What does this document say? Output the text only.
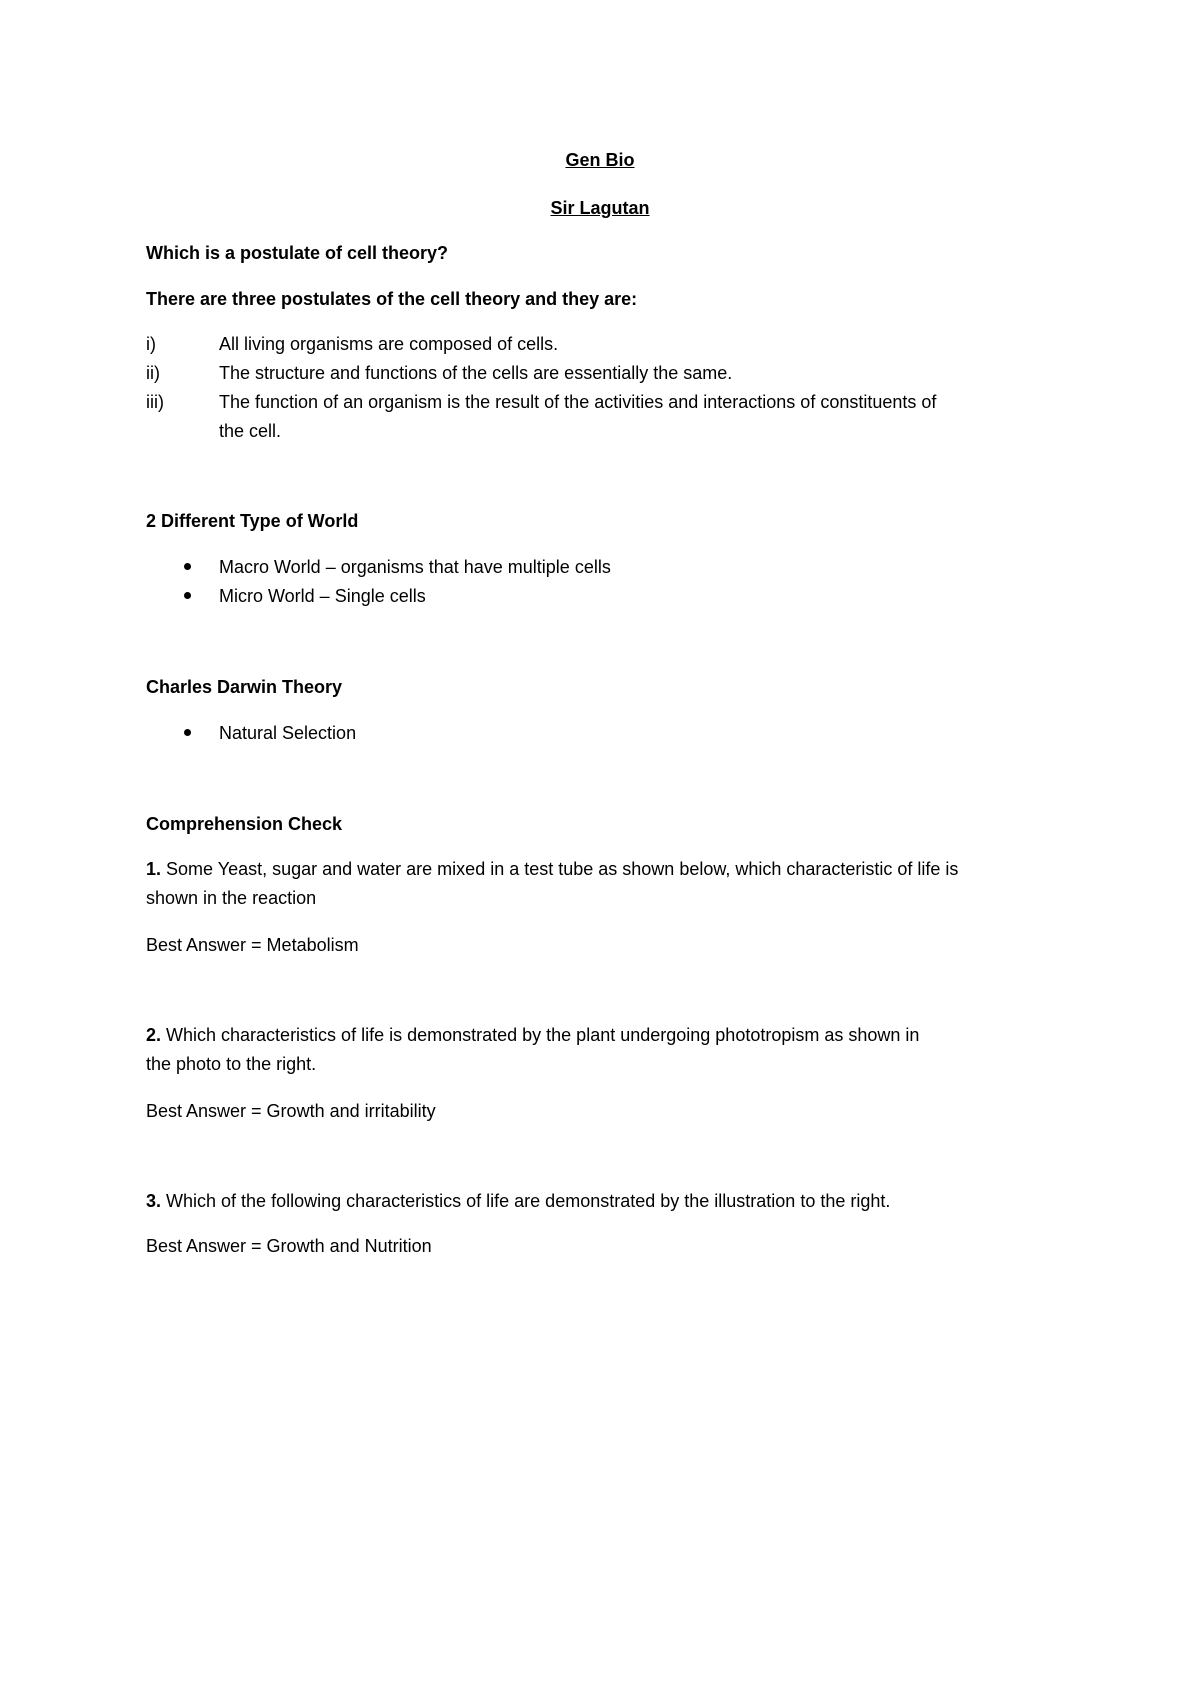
Gen Bio

Sir Lagutan

Which is a postulate of cell theory?

There are three postulates of the cell theory and they are:

i)	All living organisms are composed of cells.
ii)	The structure and functions of the cells are essentially the same.
iii)	The function of an organism is the result of the activities and interactions of constituents of
the cell.

2 Different Type of World

Macro World – organisms that have multiple cells
Micro World – Single cells

Charles Darwin Theory

Natural Selection

Comprehension Check

1. Some Yeast, sugar and water are mixed in a test tube as shown below, which characteristic of life is

shown in the reaction

Best Answer = Metabolism

2. Which characteristics of life is demonstrated by the plant undergoing phototropism as shown in

the photo to the right.

Best Answer = Growth and irritability

3. Which of the following characteristics of life are demonstrated by the illustration to the right.

Best Answer = Growth and Nutrition
